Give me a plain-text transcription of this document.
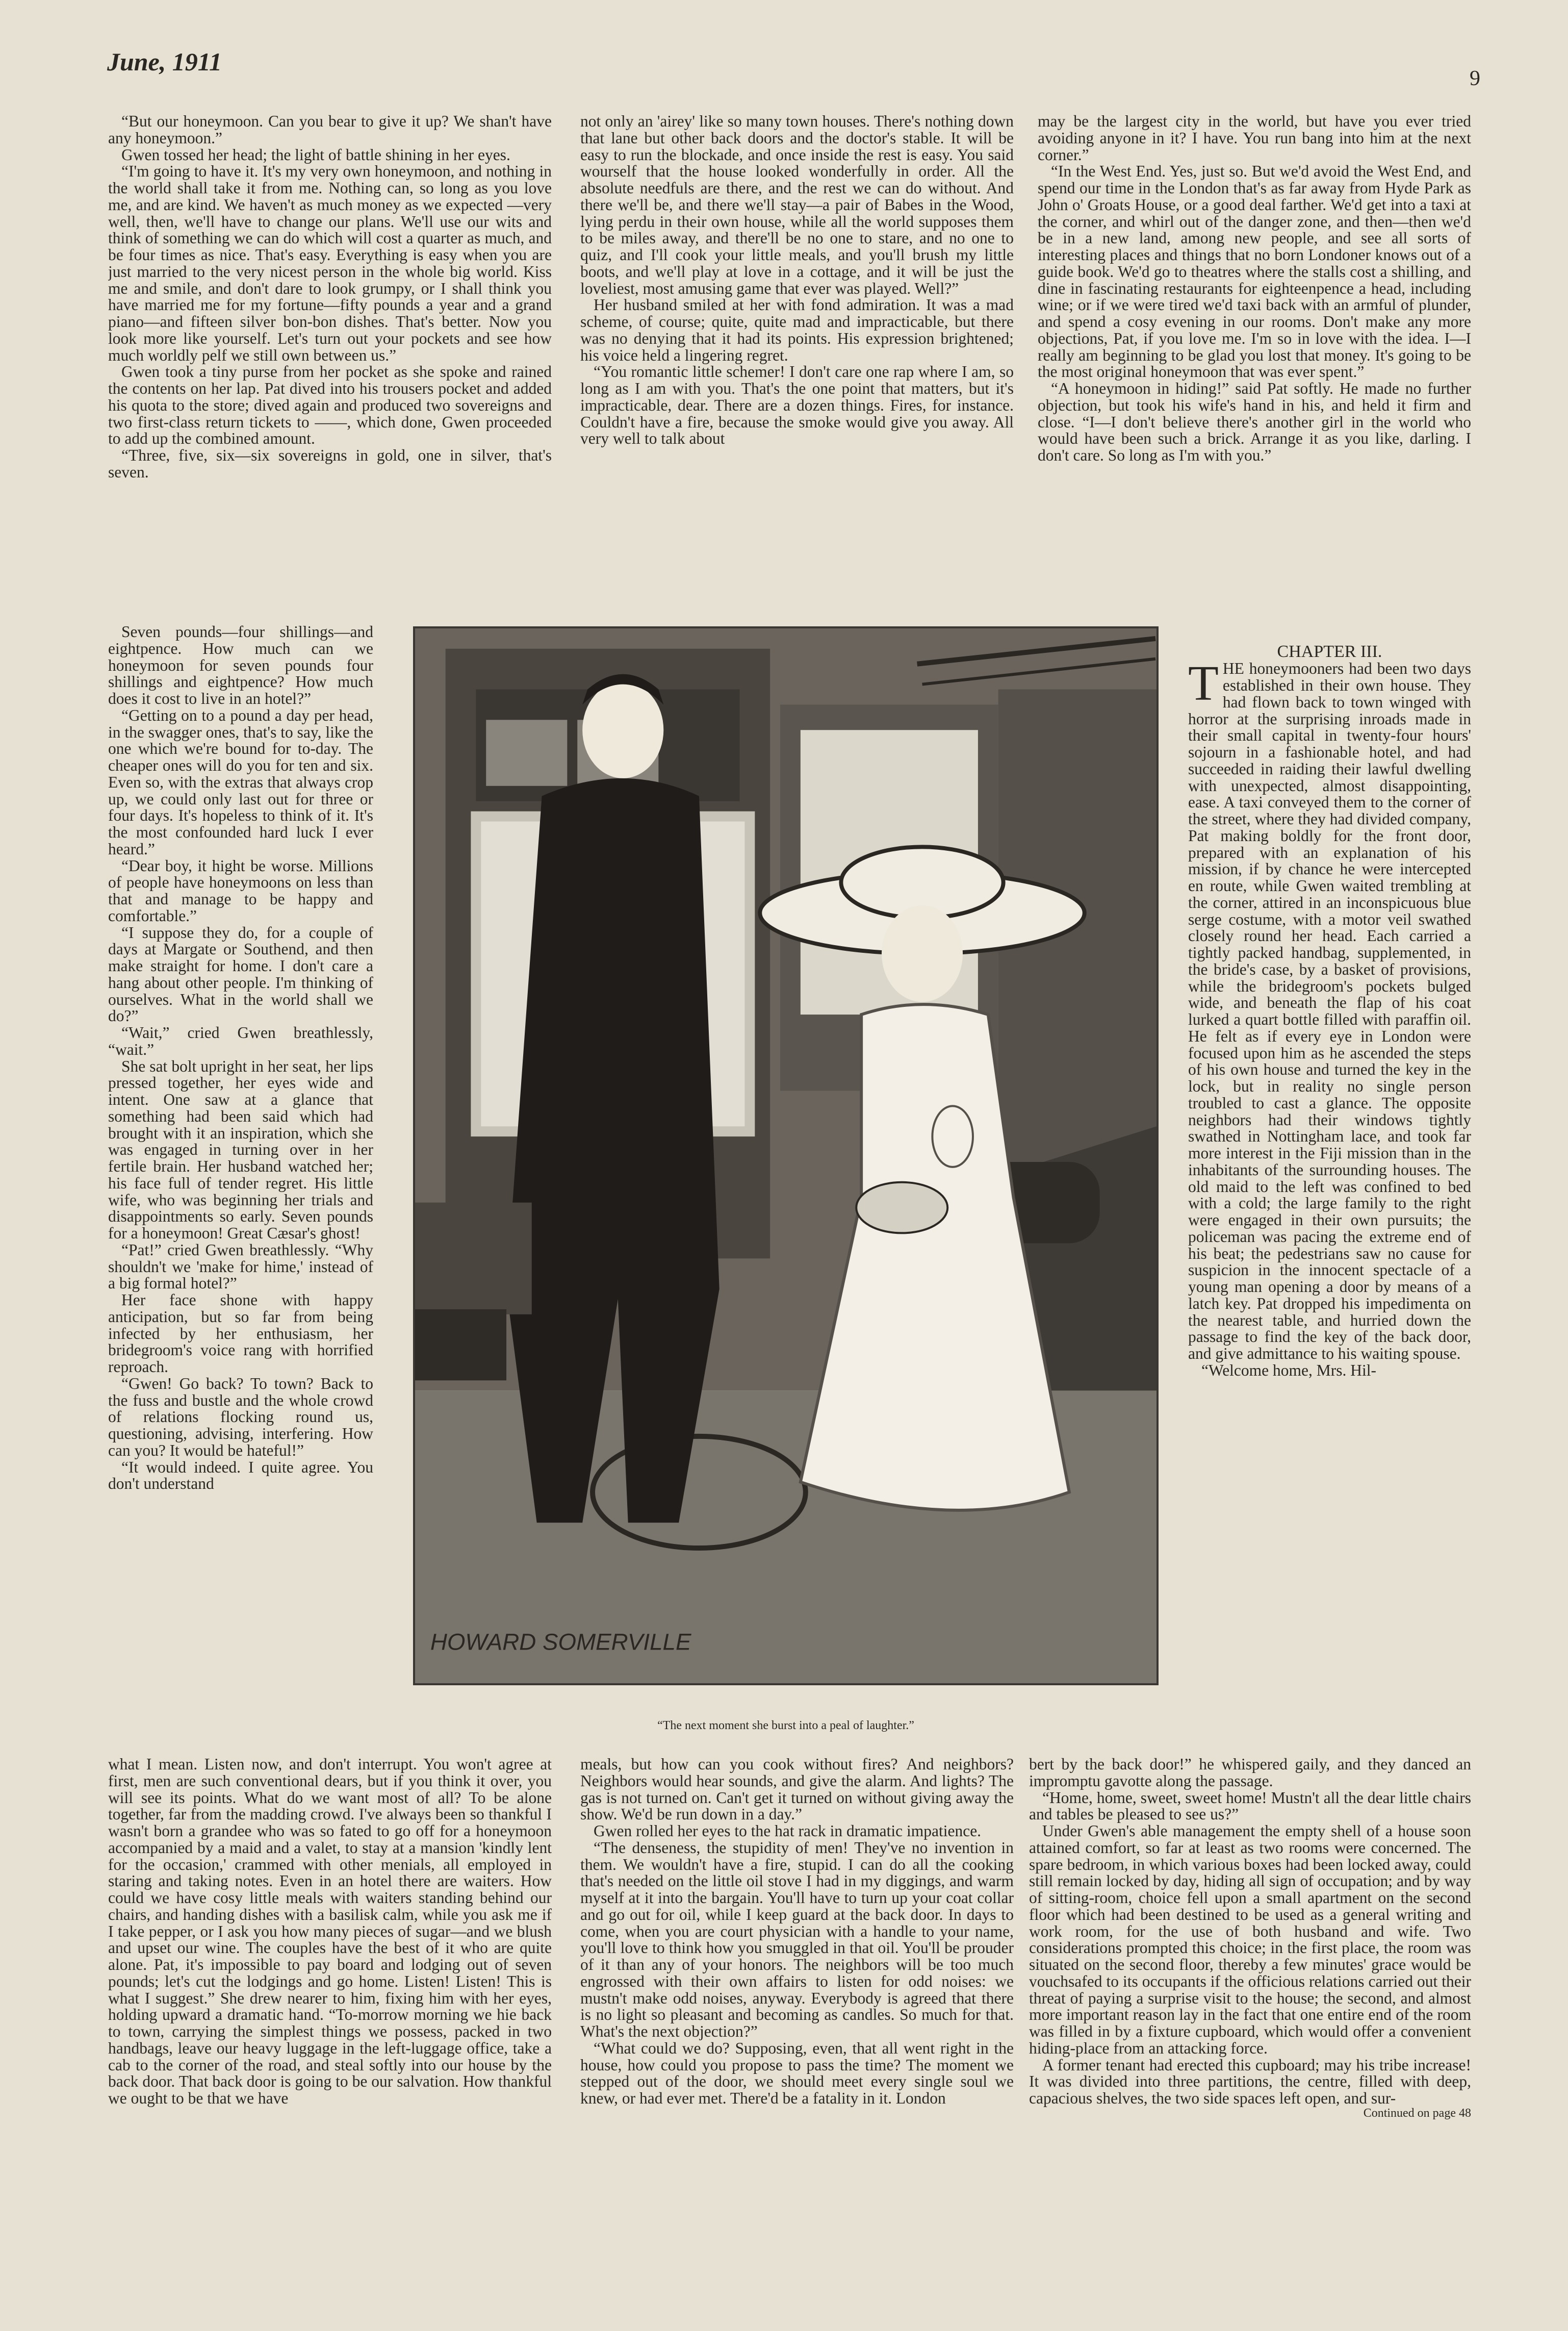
June, 1911
9

“But our honeymoon. Can you bear to give it up? We shan't have any honeymoon.”

Gwen tossed her head; the light of battle shining in her eyes.

“I'm going to have it. It's my very own honeymoon, and nothing in the world shall take it from me. Nothing can, so long as you love me, and are kind. We haven't as much money as we expected —very well, then, we'll have to change our plans. We'll use our wits and think of something we can do which will cost a quarter as much, and be four times as nice. That's easy. Everything is easy when you are just married to the very nicest person in the whole big world. Kiss me and smile, and don't dare to look grumpy, or I shall think you have married me for my fortune—fifty pounds a year and a grand piano—and fifteen silver bon-bon dishes. That's better. Now you look more like yourself. Let's turn out your pockets and see how much worldly pelf we still own between us.”

Gwen took a tiny purse from her pocket as she spoke and rained the contents on her lap. Pat dived into his trousers pocket and added his quota to the store; dived again and produced two sovereigns and two first-class return tickets to ——, which done, Gwen proceeded to add up the combined amount.

“Three, five, six—six sovereigns in gold, one in silver, that's seven.

Seven pounds—four shillings—and eightpence. How much can we honeymoon for seven pounds four shillings and eightpence? How much does it cost to live in an hotel?”

“Getting on to a pound a day per head, in the swagger ones, that's to say, like the one which we're bound for to-day. The cheaper ones will do you for ten and six. Even so, with the extras that always crop up, we could only last out for three or four days. It's hopeless to think of it. It's the most confounded hard luck I ever heard.”

“Dear boy, it hight be worse. Millions of people have honeymoons on less than that and manage to be happy and comfortable.”

“I suppose they do, for a couple of days at Margate or Southend, and then make straight for home. I don't care a hang about other people. I'm thinking of ourselves. What in the world shall we do?”

“Wait,” cried Gwen breathlessly, “wait.”

She sat bolt upright in her seat, her lips pressed together, her eyes wide and intent. One saw at a glance that something had been said which had brought with it an inspiration, which she was engaged in turning over in her fertile brain. Her husband watched her; his face full of tender regret. His little wife, who was beginning her trials and disappointments so early. Seven pounds for a honeymoon! Great Cæsar's ghost!

“Pat!” cried Gwen breathlessly. “Why shouldn't we 'make for hime,' instead of a big formal hotel?”

Her face shone with happy anticipation, but so far from being infected by her enthusiasm, her bridegroom's voice rang with horrified reproach.

“Gwen! Go back? To town? Back to the fuss and bustle and the whole crowd of relations flocking round us, questioning, advising, interfering. How can you? It would be hateful!”

“It would indeed. I quite agree. You don't understand

what I mean. Listen now, and don't interrupt. You won't agree at first, men are such conventional dears, but if you think it over, you will see its points. What do we want most of all? To be alone together, far from the madding crowd. I've always been so thankful I wasn't born a grandee who was so fated to go off for a honeymoon accompanied by a maid and a valet, to stay at a mansion 'kindly lent for the occasion,' crammed with other menials, all employed in staring and taking notes. Even in an hotel there are waiters. How could we have cosy little meals with waiters standing behind our chairs, and handing dishes with a basilisk calm, while you ask me if I take pepper, or I ask you how many pieces of sugar—and we blush and upset our wine. The couples have the best of it who are quite alone. Pat, it's impossible to pay board and lodging out of seven pounds; let's cut the lodgings and go home. Listen! Listen! This is what I suggest.” She drew nearer to him, fixing him with her eyes, holding upward a dramatic hand. “To-morrow morning we hie back to town, carrying the simplest things we possess, packed in two handbags, leave our heavy luggage in the left-luggage office, take a cab to the corner of the road, and steal softly into our house by the back door. That back door is going to be our salvation. How thankful we ought to be that we have

not only an 'airey' like so many town houses. There's nothing down that lane but other back doors and the doctor's stable. It will be easy to run the blockade, and once inside the rest is easy. You said wourself that the house looked wonderfully in order. All the absolute needfuls are there, and the rest we can do without. And there we'll be, and there we'll stay—a pair of Babes in the Wood, lying perdu in their own house, while all the world supposes them to be miles away, and there'll be no one to stare, and no one to quiz, and I'll cook your little meals, and you'll brush my little boots, and we'll play at love in a cottage, and it will be just the loveliest, most amusing game that ever was played. Well?”

Her husband smiled at her with fond admiration. It was a mad scheme, of course; quite, quite mad and impracticable, but there was no denying that it had its points. His expression brightened; his voice held a lingering regret.

“You romantic little schemer! I don't care one rap where I am, so long as I am with you. That's the one point that matters, but it's impracticable, dear. There are a dozen things. Fires, for instance. Couldn't have a fire, because the smoke would give you away. All very well to talk about

HOWARD SOMERVILLE
“The next moment she burst into a peal of laughter.”

meals, but how can you cook without fires? And neighbors? Neighbors would hear sounds, and give the alarm. And lights? The gas is not turned on. Can't get it turned on without giving away the show. We'd be run down in a day.”

Gwen rolled her eyes to the hat rack in dramatic impatience.

“The denseness, the stupidity of men! They've no invention in them. We wouldn't have a fire, stupid. I can do all the cooking that's needed on the little oil stove I had in my diggings, and warm myself at it into the bargain. You'll have to turn up your coat collar and go out for oil, while I keep guard at the back door. In days to come, when you are court physician with a handle to your name, you'll love to think how you smuggled in that oil. You'll be prouder of it than any of your honors. The neighbors will be too much engrossed with their own affairs to listen for odd noises: we mustn't make odd noises, anyway. Everybody is agreed that there is no light so pleasant and becoming as candles. So much for that. What's the next objection?”

“What could we do? Supposing, even, that all went right in the house, how could you propose to pass the time? The moment we stepped out of the door, we should meet every single soul we knew, or had ever met. There'd be a fatality in it. London

may be the largest city in the world, but have you ever tried avoiding anyone in it? I have. You run bang into him at the next corner.”

“In the West End. Yes, just so. But we'd avoid the West End, and spend our time in the London that's as far away from Hyde Park as John o' Groats House, or a good deal farther. We'd get into a taxi at the corner, and whirl out of the danger zone, and then—then we'd be in a new land, among new people, and see all sorts of interesting places and things that no born Londoner knows out of a guide book. We'd go to theatres where the stalls cost a shilling, and dine in fascinating restaurants for eighteenpence a head, including wine; or if we were tired we'd taxi back with an armful of plunder, and spend a cosy evening in our rooms. Don't make any more objections, Pat, if you love me. I'm so in love with the idea. I—I really am beginning to be glad you lost that money. It's going to be the most original honeymoon that was ever spent.”

“A honeymoon in hiding!” said Pat softly. He made no further objection, but took his wife's hand in his, and held it firm and close. “I—I don't believe there's another girl in the world who would have been such a brick. Arrange it as you like, darling. I don't care. So long as I'm with you.”

CHAPTER III.

THE honeymooners had been two days established in their own house. They had flown back to town winged with horror at the surprising inroads made in their small capital in twenty-four hours' sojourn in a fashionable hotel, and had succeeded in raiding their lawful dwelling with unexpected, almost disappointing, ease. A taxi conveyed them to the corner of the street, where they had divided company, Pat making boldly for the front door, prepared with an explanation of his mission, if by chance he were intercepted en route, while Gwen waited trembling at the corner, attired in an inconspicuous blue serge costume, with a motor veil swathed closely round her head. Each carried a tightly packed handbag, supplemented, in the bride's case, by a basket of provisions, while the bridegroom's pockets bulged wide, and beneath the flap of his coat lurked a quart bottle filled with paraffin oil. He felt as if every eye in London were focused upon him as he ascended the steps of his own house and turned the key in the lock, but in reality no single person troubled to cast a glance. The opposite neighbors had their windows tightly swathed in Nottingham lace, and took far more interest in the Fiji mission than in the inhabitants of the surrounding houses. The old maid to the left was confined to bed with a cold; the large family to the right were engaged in their own pursuits; the policeman was pacing the extreme end of his beat; the pedestrians saw no cause for suspicion in the innocent spectacle of a young man opening a door by means of a latch key. Pat dropped his impedimenta on the nearest table, and hurried down the passage to find the key of the back door, and give admittance to his waiting spouse.

“Welcome home, Mrs. Hil-

bert by the back door!” he whispered gaily, and they danced an impromptu gavotte along the passage.

“Home, home, sweet, sweet home! Mustn't all the dear little chairs and tables be pleased to see us?”

Under Gwen's able management the empty shell of a house soon attained comfort, so far at least as two rooms were concerned. The spare bedroom, in which various boxes had been locked away, could still remain locked by day, hiding all sign of occupation; and by way of sitting-room, choice fell upon a small apartment on the second floor which had been destined to be used as a general writing and work room, for the use of both husband and wife. Two considerations prompted this choice; in the first place, the room was situated on the second floor, thereby a few minutes' grace would be vouchsafed to its occupants if the officious relations carried out their threat of paying a surprise visit to the house; the second, and almost more important reason lay in the fact that one entire end of the room was filled in by a fixture cupboard, which would offer a convenient hiding-place from an attacking force.

A former tenant had erected this cupboard; may his tribe increase! It was divided into three partitions, the centre, filled with deep, capacious shelves, the two side spaces left open, and sur-

Continued on page 48
